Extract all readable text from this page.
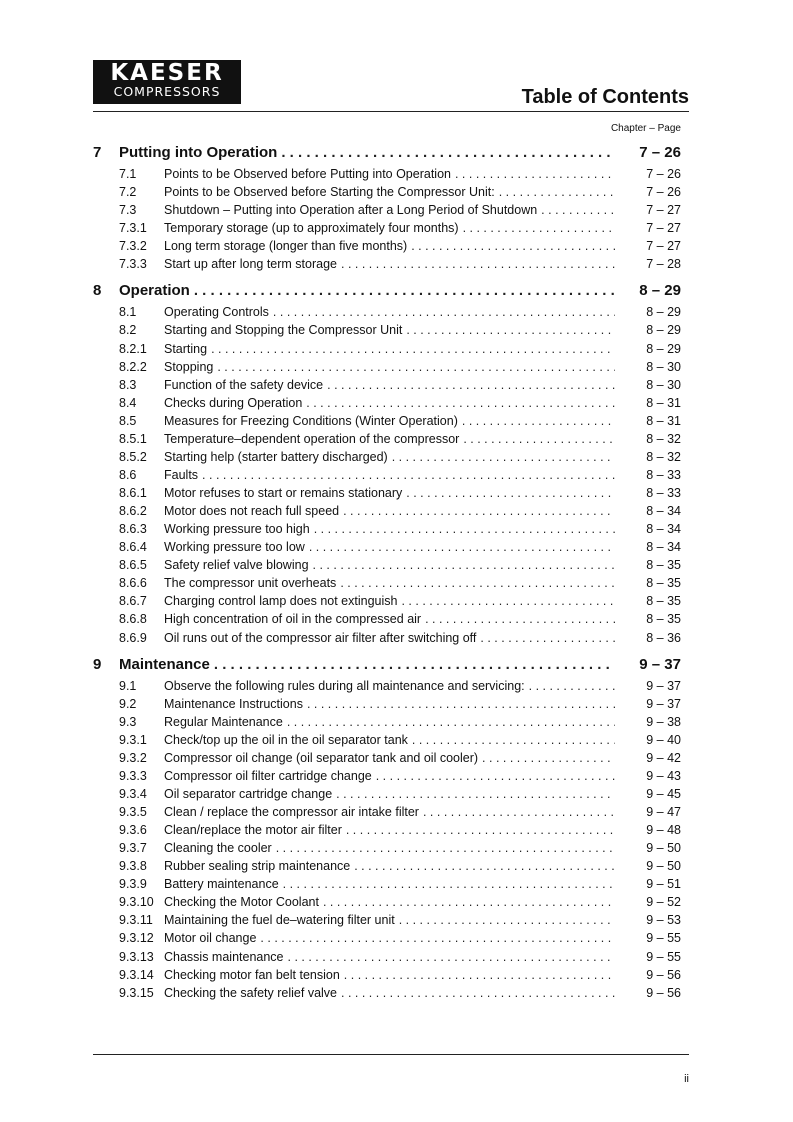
KAESER
COMPRESSORS	Table of Contents
Chapter – Page
7	Putting into Operation . . .	7 – 26
7.1	Points to be Observed before Putting into Operation . . .	7 – 26
7.2	Points to be Observed before Starting the Compressor Unit: . . .	7 – 26
7.3	Shutdown – Putting into Operation after a Long Period of Shutdown . . .	7 – 27
7.3.1	Temporary storage (up to approximately four months) . . .	7 – 27
7.3.2	Long term storage (longer than five months) . . .	7 – 27
7.3.3	Start up after long term storage . . .	7 – 28
8	Operation . . .	8 – 29
8.1	Operating Controls . . .	8 – 29
8.2	Starting and Stopping the Compressor Unit . . .	8 – 29
8.2.1	Starting . . .	8 – 29
8.2.2	Stopping . . .	8 – 30
8.3	Function of the safety device . . .	8 – 30
8.4	Checks during Operation . . .	8 – 31
8.5	Measures for Freezing Conditions (Winter Operation) . . .	8 – 31
8.5.1	Temperature–dependent operation of the compressor . . .	8 – 32
8.5.2	Starting help (starter battery discharged) . . .	8 – 32
8.6	Faults . . .	8 – 33
8.6.1	Motor refuses to start or remains stationary . . .	8 – 33
8.6.2	Motor does not reach full speed . . .	8 – 34
8.6.3	Working pressure too high . . .	8 – 34
8.6.4	Working pressure too low . . .	8 – 34
8.6.5	Safety relief valve blowing . . .	8 – 35
8.6.6	The compressor unit overheats . . .	8 – 35
8.6.7	Charging control lamp does not extinguish . . .	8 – 35
8.6.8	High concentration of oil in the compressed air . . .	8 – 35
8.6.9	Oil runs out of the compressor air filter after switching off . . .	8 – 36
9	Maintenance . . .	9 – 37
9.1	Observe the following rules during all maintenance and servicing: . . .	9 – 37
9.2	Maintenance Instructions . . .	9 – 37
9.3	Regular Maintenance . . .	9 – 38
9.3.1	Check/top up the oil in the oil separator tank . . .	9 – 40
9.3.2	Compressor oil change (oil separator tank and oil cooler) . . .	9 – 42
9.3.3	Compressor oil filter cartridge change . . .	9 – 43
9.3.4	Oil separator cartridge change . . .	9 – 45
9.3.5	Clean / replace the compressor air intake filter . . .	9 – 47
9.3.6	Clean/replace the motor air filter . . .	9 – 48
9.3.7	Cleaning the cooler . . .	9 – 50
9.3.8	Rubber sealing strip maintenance . . .	9 – 50
9.3.9	Battery maintenance . . .	9 – 51
9.3.10 Checking the Motor Coolant . . .	9 – 52
9.3.11 Maintaining the fuel de–watering filter unit . . .	9 – 53
9.3.12 Motor oil change . . .	9 – 55
9.3.13 Chassis maintenance . . .	9 – 55
9.3.14 Checking motor fan belt tension . . .	9 – 56
9.3.15 Checking the safety relief valve . . .	9 – 56
ii
